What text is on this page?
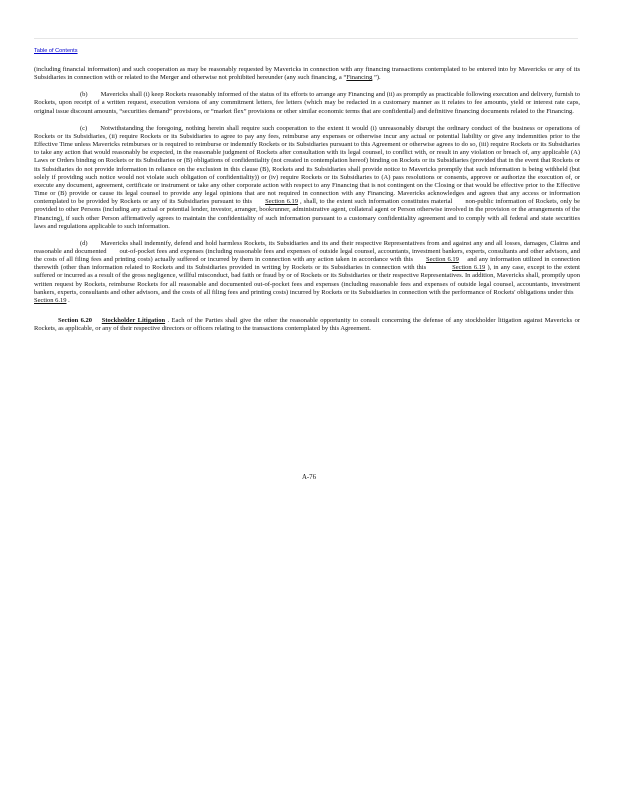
Table of Contents

(including financial information) and such cooperation as may be reasonably requested by Mavericks in connection with any financing transactions contemplated to be entered into by Mavericks or any of its Subsidiaries in connection with or related to the Merger and otherwise not prohibited hereunder (any such financing, a “Financing ”).

(b)  Mavericks shall (i) keep Rockets reasonably informed of the status of its efforts to arrange any Financing and (ii) as promptly as practicable following execution and delivery, furnish to Rockets, upon receipt of a written request, execution versions of any commitment letters, fee letters (which may be redacted in a customary manner as it relates to fee amounts, yield or interest rate caps, original issue discount amounts, “securities demand” provisions, or “market flex” provisions or other similar economic terms that are confidential) and definitive financing documents related to the Financing.

(c)  Notwithstanding the foregoing, nothing herein shall require such cooperation to the extent it would (i) unreasonably disrupt the ordinary conduct of the business or operations of Rockets or its Subsidiaries, (ii) require Rockets or its Subsidiaries to agree to pay any fees, reimburse any expenses or otherwise incur any actual or potential liability or give any indemnities prior to the Effective Time unless Mavericks reimburses or is required to reimburse or indemnify Rockets or its Subsidiaries pursuant to this Agreement or otherwise agrees to do so, (iii) require Rockets or its Subsidiaries to take any action that would reasonably be expected, in the reasonable judgment of Rockets after consultation with its legal counsel, to conflict with, or result in any violation or breach of, any applicable (A) Laws or Orders binding on Rockets or its Subsidiaries or (B) obligations of confidentiality (not created in contemplation hereof) binding on Rockets or its Subsidiaries (provided that in the event that Rockets or its Subsidiaries do not provide information in reliance on the exclusion in this clause (B), Rockets and its Subsidiaries shall provide notice to Mavericks promptly that such information is being withheld (but solely if providing such notice would not violate such obligation of confidentiality)) or (iv) require Rockets or its Subsidiaries to (A) pass resolutions or consents, approve or authorize the execution of, or execute any document, agreement, certificate or instrument or take any other corporate action with respect to any Financing that is not contingent on the Closing or that would be effective prior to the Effective Time or (B) provide or cause its legal counsel to provide any legal opinions that are not required in connection with any Financing. Mavericks acknowledges and agrees that any access or information contemplated to be provided by Rockets or any of its Subsidiaries pursuant to this  Section 6.19 , shall, to the extent such information constitutes material  non-public information of Rockets, only be provided to other Persons (including any actual or potential lender, investor, arranger, bookrunner, administrative agent, collateral agent or Person otherwise involved in the provision or the arrangements of the Financing), if such other Person affirmatively agrees to maintain the confidentiality of such information pursuant to a customary confidentiality agreement and to comply with all federal and state securities laws and regulations applicable to such information.

(d)  Mavericks shall indemnify, defend and hold harmless Rockets, its Subsidiaries and its and their respective Representatives from and against any and all losses, damages, Claims and reasonable and documented  out-of-pocket fees and expenses (including reasonable fees and expenses of outside legal counsel, accountants, investment bankers, experts, consultants and other advisors, and the costs of all filing fees and printing costs) actually suffered or incurred by them in connection with any action taken in accordance with this  Section 6.19  and any information utilized in connection therewith (other than information related to Rockets and its Subsidiaries provided in writing by Rockets or its Subsidiaries in connection with this    Section 6.19 ), in any case, except to the extent suffered or incurred as a result of the gross negligence, willful misconduct, bad faith or fraud by or of Rockets or its Subsidiaries or their respective Representatives. In addition, Mavericks shall, promptly upon written request by Rockets, reimburse Rockets for all reasonable and documented out-of-pocket fees and expenses (including reasonable fees and expenses of outside legal counsel, accountants, investment bankers, experts, consultants and other advisors, and the costs of all filing fees and printing costs) incurred by Rockets or its Subsidiaries in connection with the performance of Rockets' obligations under this Section 6.19 .

Section 6.20 Stockholder Litigation . Each of the Parties shall give the other the reasonable opportunity to consult concerning the defense of any stockholder litigation against Mavericks or Rockets, as applicable, or any of their respective directors or officers relating to the transactions contemplated by this Agreement.

A-76
